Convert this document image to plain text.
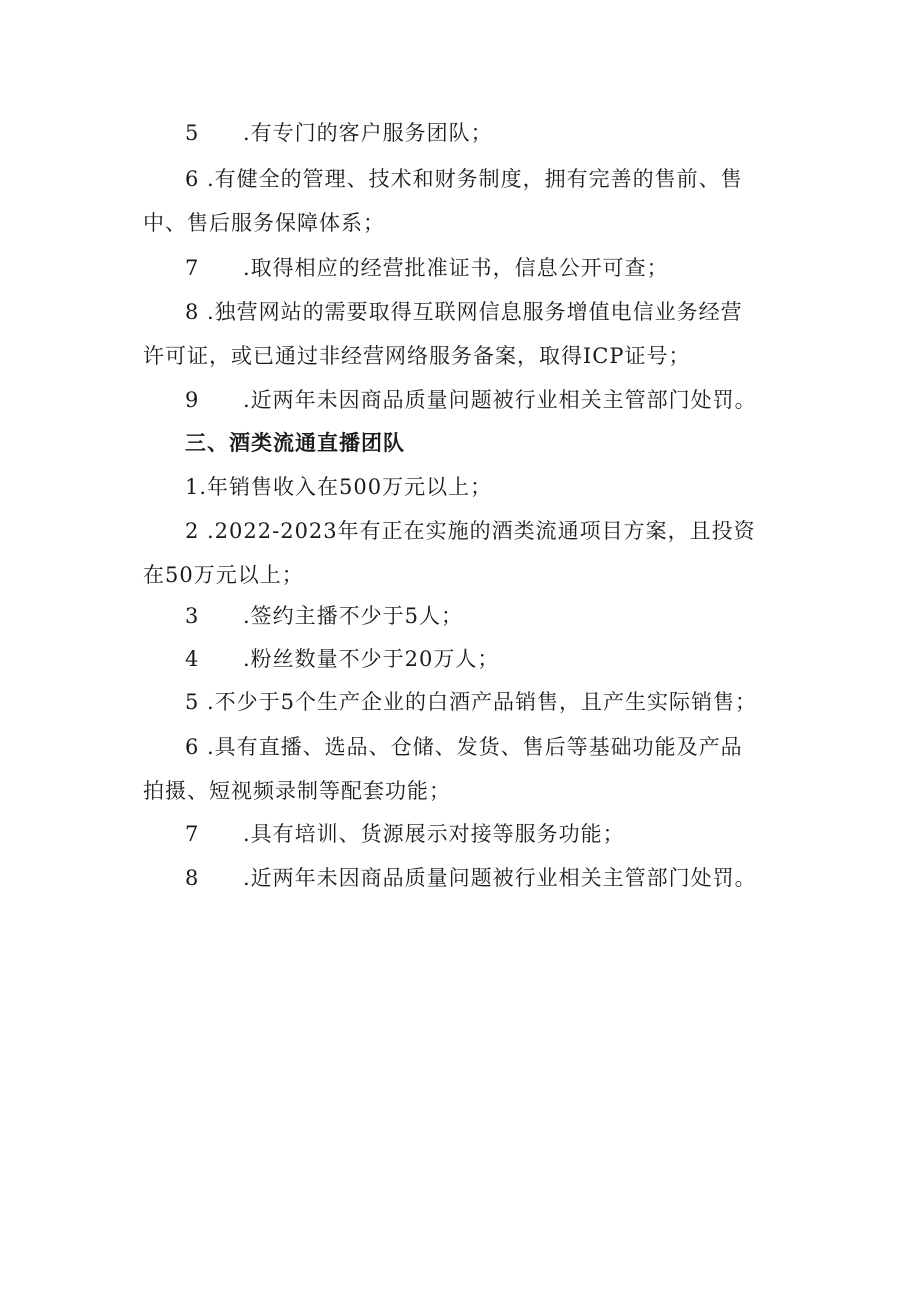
5 .有专门的客户服务团队；
6 .有健全的管理、技术和财务制度，拥有完善的售前、售
中、售后服务保障体系；
7 .取得相应的经营批准证书，信息公开可查；
8 .独营网站的需要取得互联网信息服务增值电信业务经营
许可证，或已通过非经营网络服务备案，取得ICP证号；
9 .近两年未因商品质量问题被行业相关主管部门处罚。
三、酒类流通直播团队
1.年销售收入在500万元以上；
2 .2022-2023年有正在实施的酒类流通项目方案，且投资
在50万元以上；
3 .签约主播不少于5人；
4 .粉丝数量不少于20万人；
5 .不少于5个生产企业的白酒产品销售，且产生实际销售；
6 .具有直播、选品、仓储、发货、售后等基础功能及产品
拍摄、短视频录制等配套功能；
7 .具有培训、货源展示对接等服务功能；
8 .近两年未因商品质量问题被行业相关主管部门处罚。
